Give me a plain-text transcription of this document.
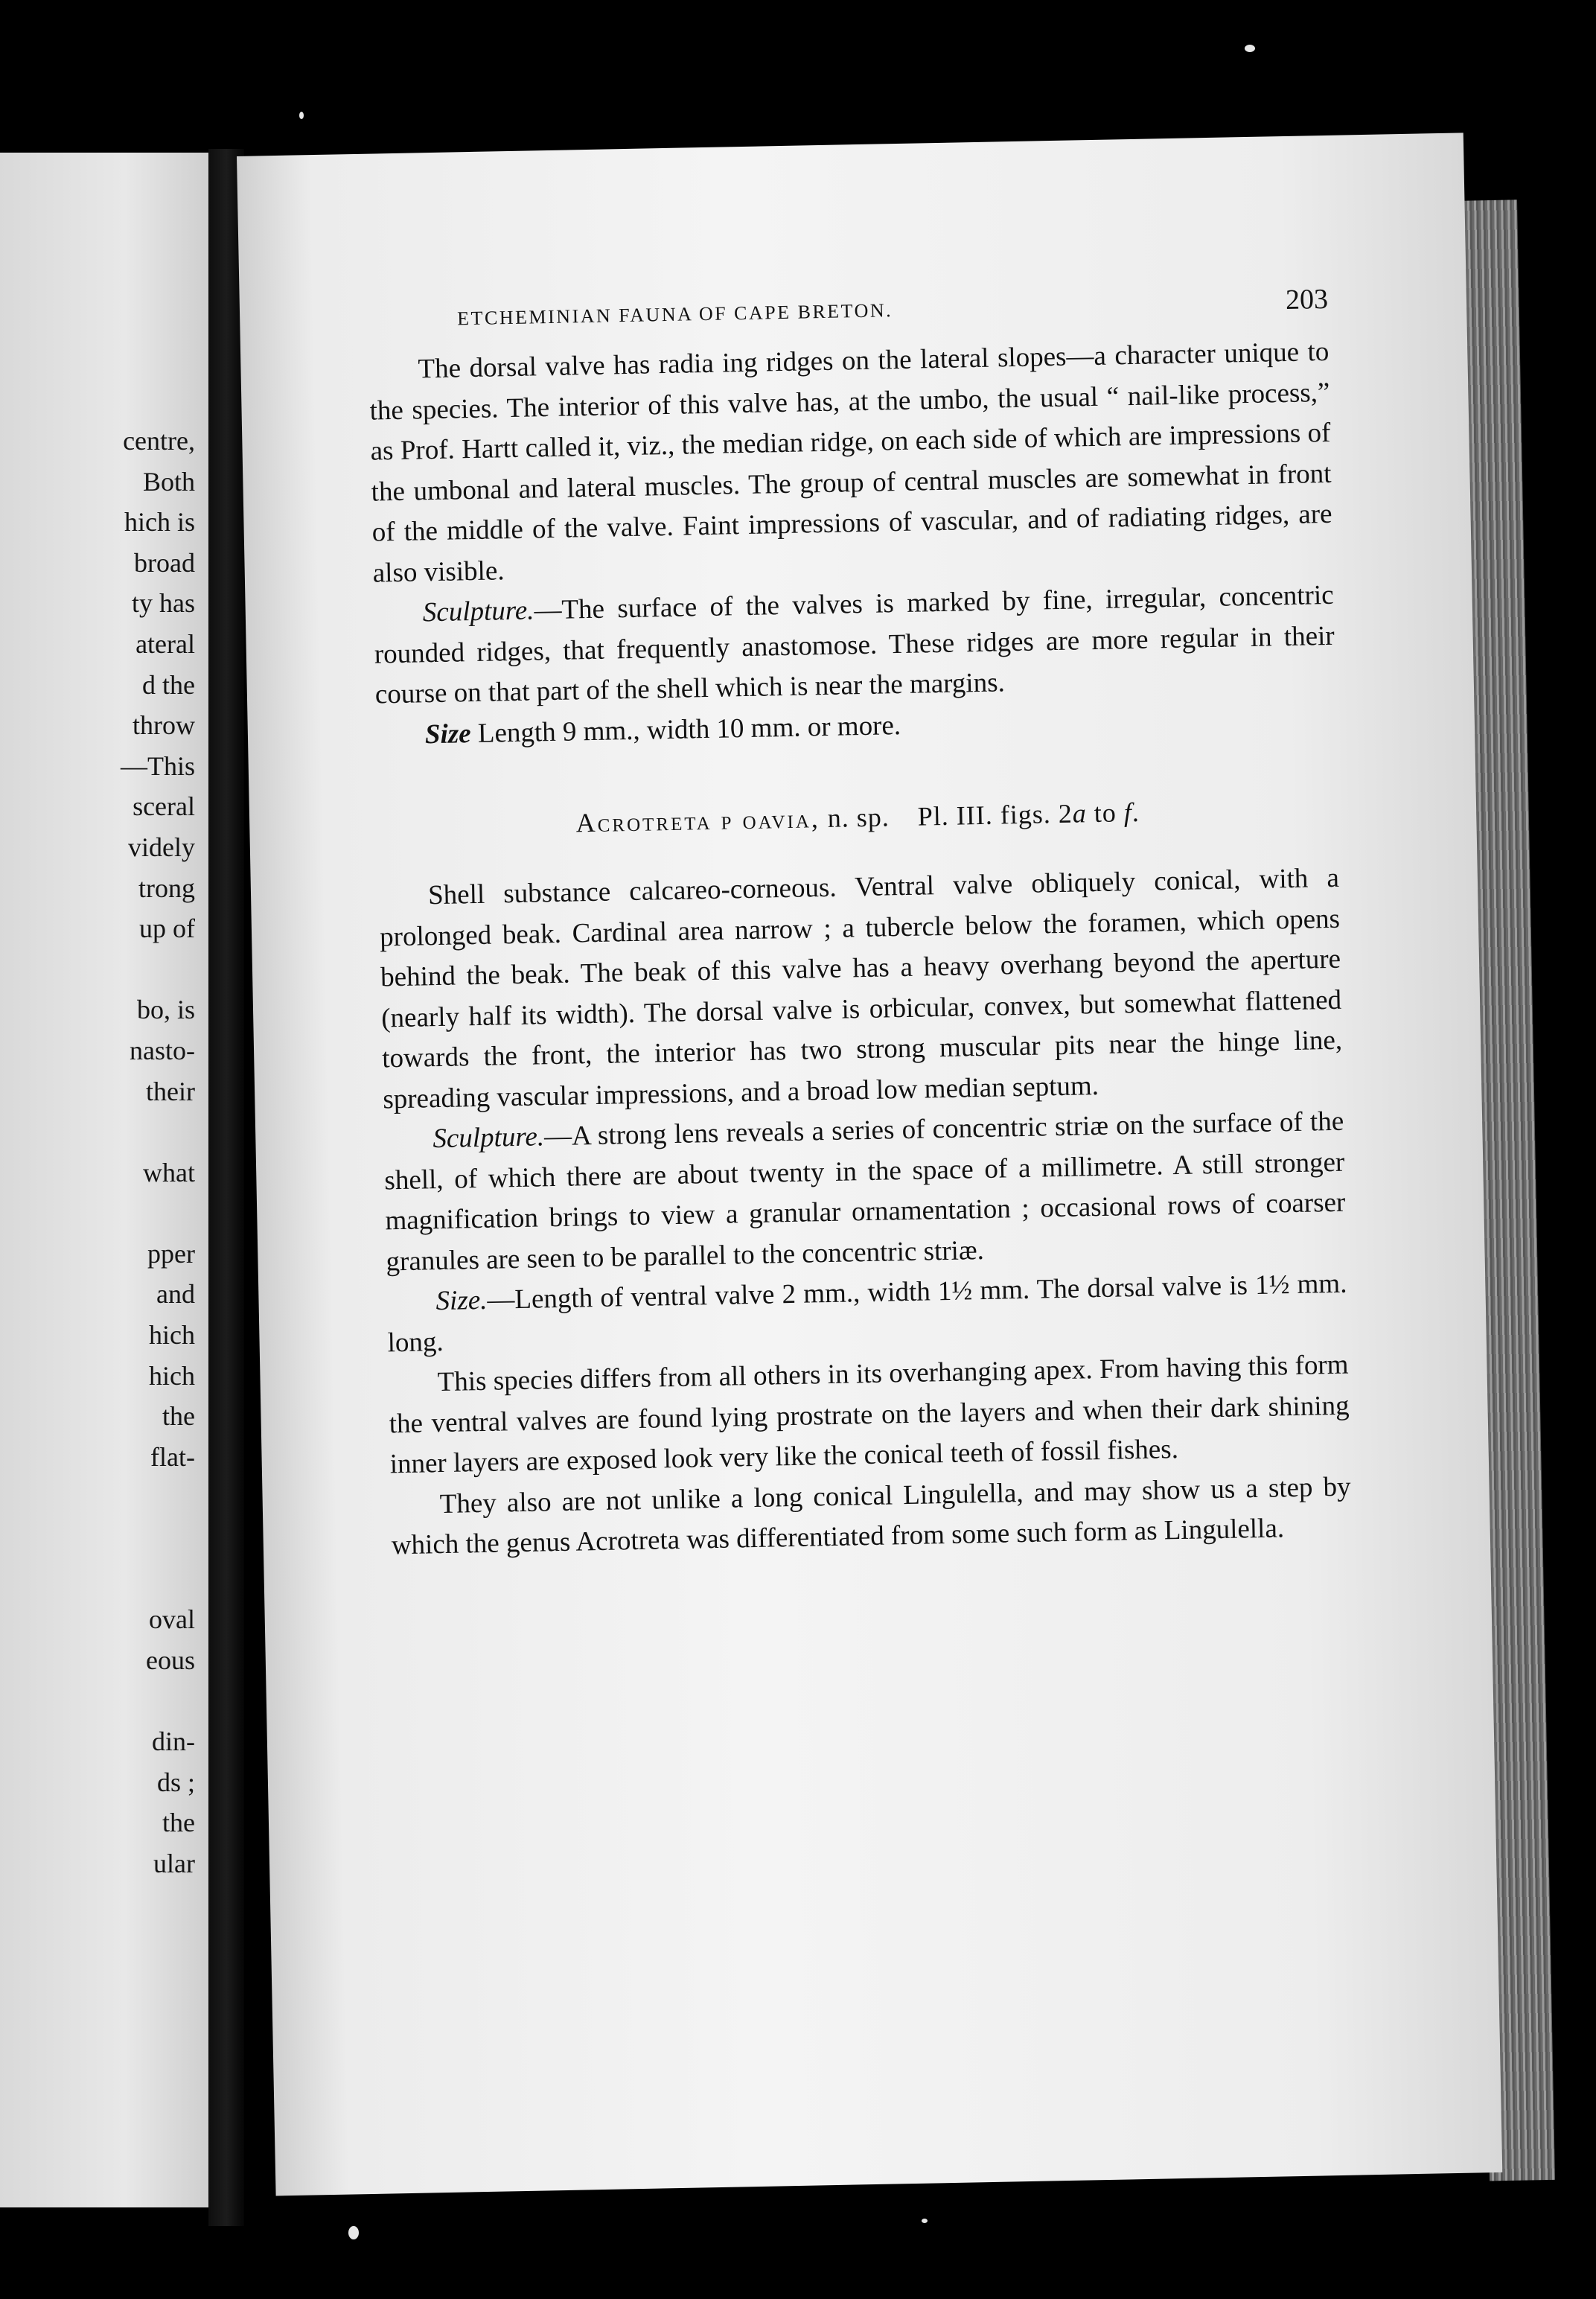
centre,
Both
hich is
broad
ty has
ateral
d the
throw
—This
sceral
videly
trong
up of
bo, is
nasto-
their
what
pper
and
hich
hich
the
flat-
oval
eous
din-
ds ;
the
ular
ETCHEMINIAN FAUNA OF CAPE BRETON.	203

The dorsal valve has radia ing ridges on the lateral slopes—a character unique to the species. The interior of this valve has, at the umbo, the usual “ nail-like process,” as Prof. Hartt called it, viz., the median ridge, on each side of which are impressions of the umbonal and lateral muscles. The group of central muscles are somewhat in front of the middle of the valve. Faint impressions of vascular, and of radiating ridges, are also visible.

Sculpture.—The surface of the valves is marked by fine, irregular, concentric rounded ridges, that frequently anastomose. These ridges are more regular in their course on that part of the shell which is near the margins.

Size Length 9 mm., width 10 mm. or more.

Acrotreta p oavia, n. sp. Pl. III. figs. 2a to f.

Shell substance calcareo-corneous. Ventral valve obliquely conical, with a prolonged beak. Cardinal area narrow ; a tubercle below the foramen, which opens behind the beak. The beak of this valve has a heavy overhang beyond the aperture (nearly half its width). The dorsal valve is orbicular, convex, but somewhat flattened towards the front, the interior has two strong muscular pits near the hinge line, spreading vascular impressions, and a broad low median septum.

Sculpture.—A strong lens reveals a series of concentric striæ on the surface of the shell, of which there are about twenty in the space of a millimetre. A still stronger magnification brings to view a granular ornamentation ; occasional rows of coarser granules are seen to be parallel to the concentric striæ.

Size.—Length of ventral valve 2 mm., width 1½ mm. The dorsal valve is 1½ mm. long.

This species differs from all others in its overhanging apex. From having this form the ventral valves are found lying prostrate on the layers and when their dark shining inner layers are exposed look very like the conical teeth of fossil fishes.

They also are not unlike a long conical Lingulella, and may show us a step by which the genus Acrotreta was differentiated from some such form as Lingulella.
